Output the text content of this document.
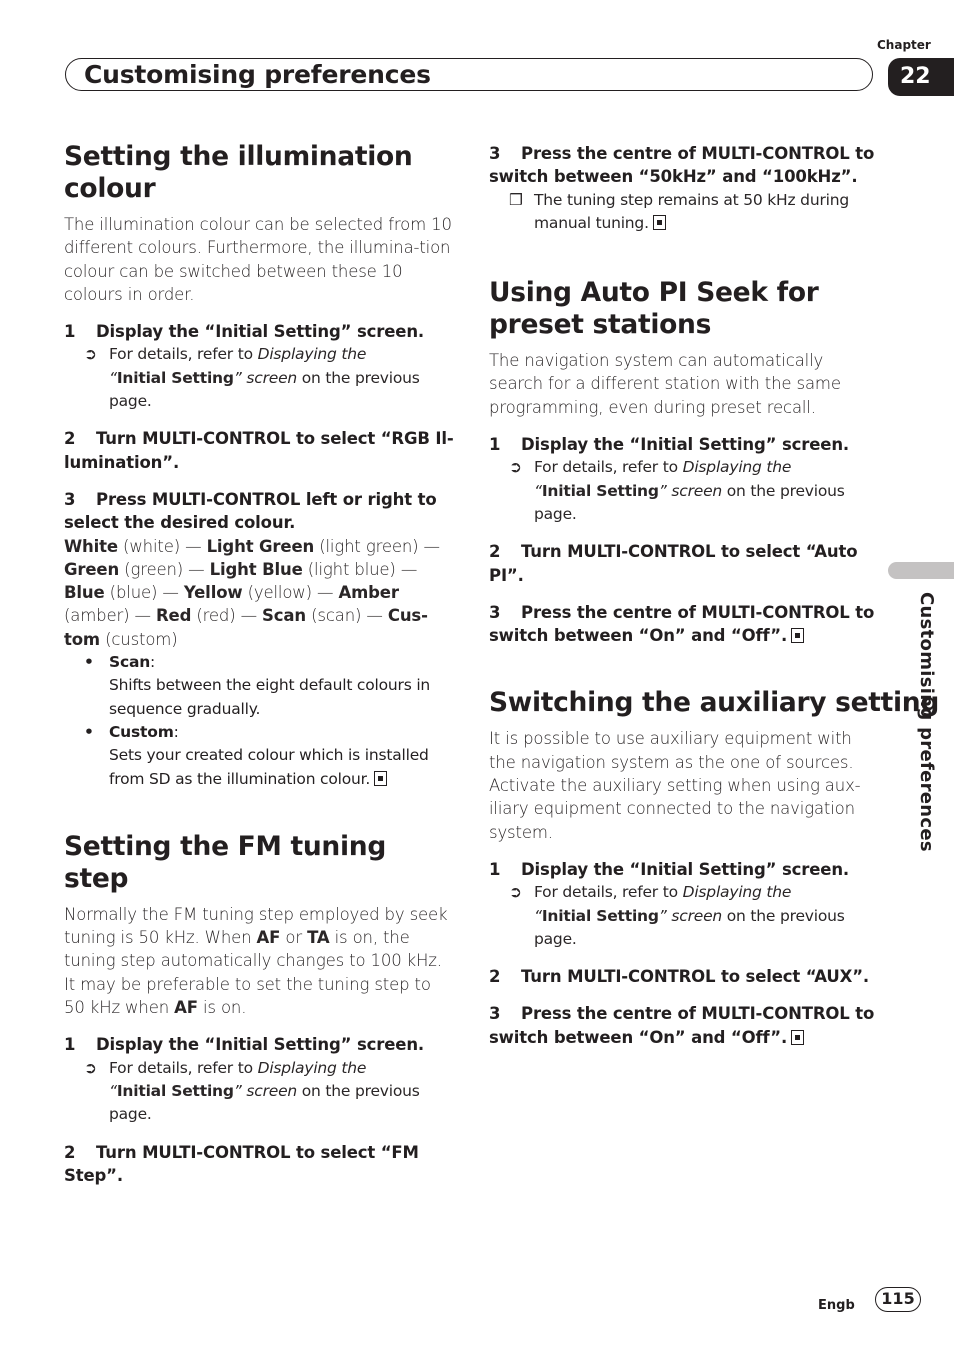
Chapter
Customising preferences	22
Customising preferences
Setting the illumination colour

The illumination colour can be selected from 10 different colours. Furthermore, the illumina-tion colour can be switched between these 10 colours in order.

1 Display the “Initial Setting” screen.

➲ For details, refer to Displaying the
“Initial Setting” screen on the previous page.

2 Turn MULTI-CONTROL to select “RGB Il-lumination”.

3 Press MULTI-CONTROL left or right to select the desired colour.

White (white) — Light Green (light green) — Green (green) — Light Blue (light blue) — Blue (blue) — Yellow (yellow) — Amber (amber) — Red (red) — Scan (scan) — Cus-tom (custom)

• Scan:
Shifts between the eight default colours in sequence gradually.
• Custom:
Sets your created colour which is installed from SD as the illumination colour.
Setting the FM tuning step

Normally the FM tuning step employed by seek tuning is 50 kHz. When AF or TA is on, the tuning step automatically changes to 100 kHz. It may be preferable to set the tuning step to 50 kHz when AF is on.

1 Display the “Initial Setting” screen.

➲ For details, refer to Displaying the
“Initial Setting” screen on the previous page.

2 Turn MULTI-CONTROL to select “FM Step”.

3 Press the centre of MULTI-CONTROL to switch between “50kHz” and “100kHz”.

❒ The tuning step remains at 50 kHz during manual tuning.
Using Auto PI Seek for preset stations

The navigation system can automatically search for a different station with the same programming, even during preset recall.

1 Display the “Initial Setting” screen.

➲ For details, refer to Displaying the
“Initial Setting” screen on the previous page.

2 Turn MULTI-CONTROL to select “Auto PI”.

3 Press the centre of MULTI-CONTROL to switch between “On” and “Off”.

Switching the auxiliary setting

It is possible to use auxiliary equipment with the navigation system as the one of sources. Activate the auxiliary setting when using aux-iliary equipment connected to the navigation system.

1 Display the “Initial Setting” screen.

➲ For details, refer to Displaying the
“Initial Setting” screen on the previous page.

2 Turn MULTI-CONTROL to select “AUX”.

3 Press the centre of MULTI-CONTROL to switch between “On” and “Off”.

Engb	115
